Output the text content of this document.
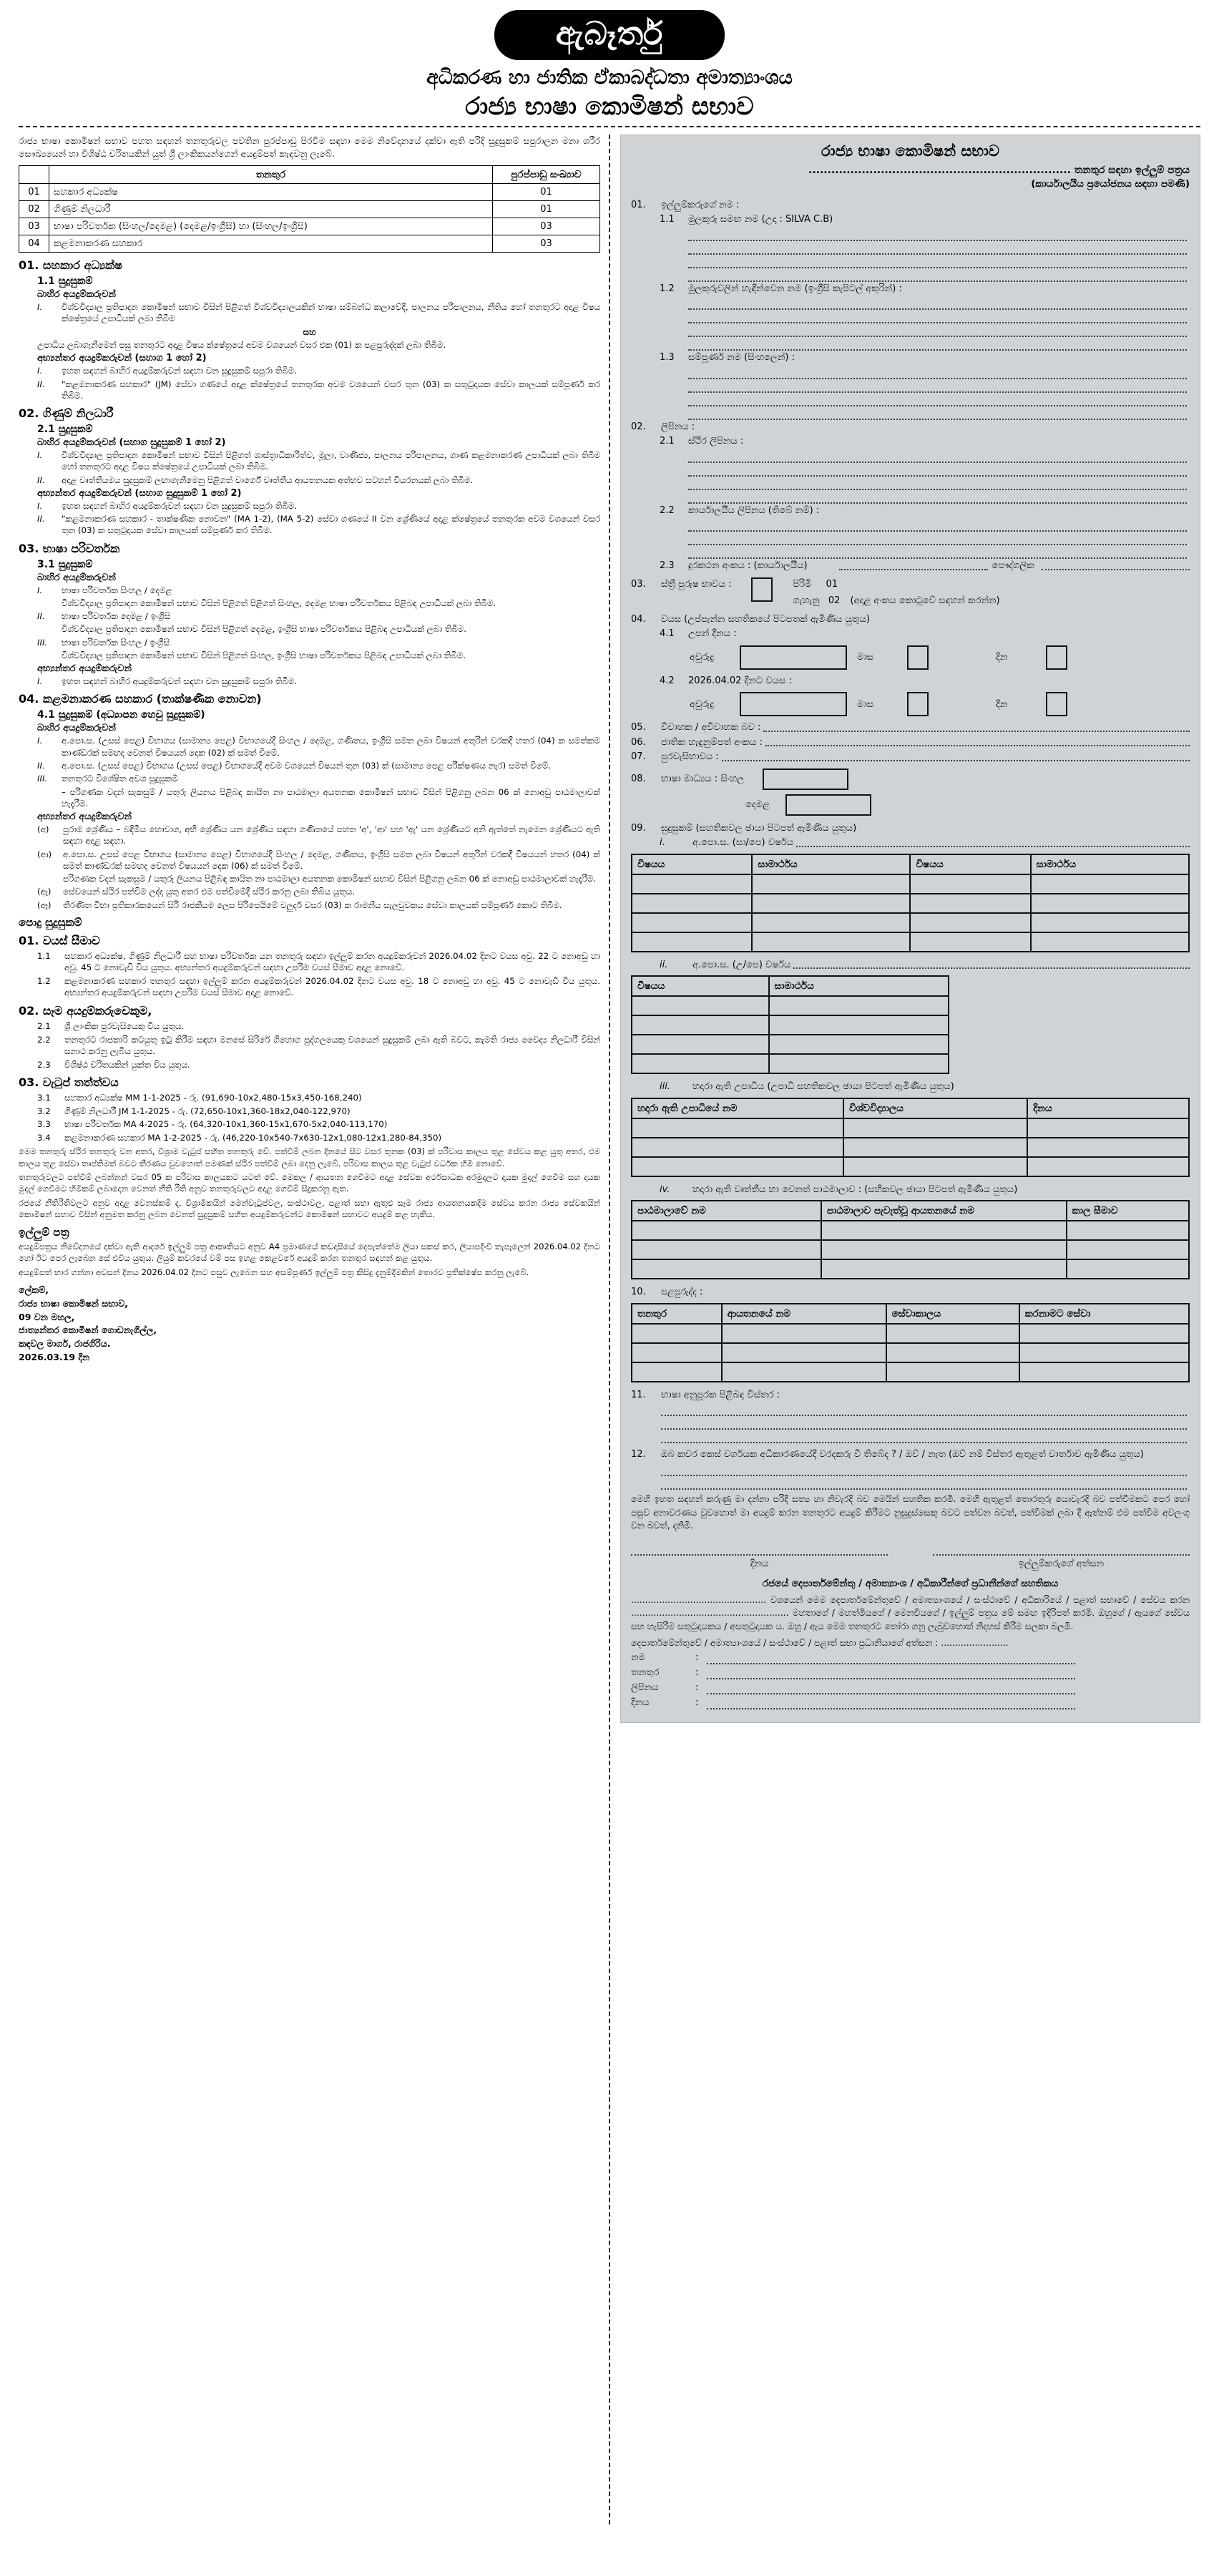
ඇබෑර්තු
අධිකරණ හා ජාතික ඒකාබද්ධතා අමාත්‍යාංශය
රාජ්‍ය භාෂා කොමිෂන් සභාව
රාජ්‍ය භාෂා කොමිෂන් සභාව පහත සඳහන් තනතුරුවල පවතින පුරප්පාඩු පිරවීම සඳහා මෙම නිවේදනයේ දක්වා ඇති පරිදි සුදුසුකම් සපුරාලන මනා ශරීර සෞඛ්‍යයෙන් හා විශිෂ්ඨ චරිතයකින් යුත් ශ්‍රී ලාංකිකයන්ගෙන් අයදුම්පත් කැඳවනු ලැබේ.
	තනතුර	පුරප්පාඩු සංඛ්‍යාව
01	සහකාර අධ්‍යක්ෂ	01
02	ගිණුම් නිලධාරී	01
03	භාෂා පරිවර්තක (සිංහල/දෙමළ) (දෙමළ/ඉංග්‍රීසි) හා (සිංහල/ඉංග්‍රීසි)	03
04	කළමනාකරණ සහකාර	03
01. සහකාර අධ්‍යක්ෂ
1.1 සුදුසුකම්
බාහිර අයදුම්කරුවන්
I.	විශ්වවිද්‍යාල ප්‍රතිපාදන කොමිෂන් සභාව විසින් පිළිගත් විශ්වවිද්‍යාලයකින් භාෂා සම්බන්ධ කලාවේදී, පාලනය පරිපාලනය, නීතිය හෝ තනතුරට අදාළ විෂය ක්ෂේත්‍රයේ උපාධියක් ලබා තිබීම
සහ
උපාධිය ලබාගැනීමෙන් පසු තනතුරට අදාළ විෂය ක්ෂේත්‍රයේ අවම වශයෙන් වසර එක (01) ක පළපුරුද්දක් ලබා තිබීම.
අභ්‍යන්තර අයදුම්කරුවන් (සහාග 1 හෝ 2)
I.	ඉහත සඳහන් බාහිර අයදුම්කරුවන් සඳහා වන සුදුසුකම් සපුරා තිබීම.
II.	"කළමනාකරණ සහකාර" (JM) සේවා ගණයේ අදාළ ක්ෂේත්‍රයේ තනතුරක අවම වශයෙන් වසර තුන (03) ක සතුටුදායක සේවා කාලයක් සම්පූර්ණ කර තිබීම.
02. ගිණුම් නිලධාරී
2.1 සුදුසුකම්
බාහිර අයදුම්කරුවන් (සහාග සුදුසුකම් 1 හෝ 2)
I.	විශ්වවිද්‍යාල ප්‍රතිපාදන කොමිෂන් සභාව විසින් පිළිගත් ශාස්ත්‍රාධිකාරිත්ව, මූලා, වාණිජ්‍ය, පාලනය පරිපාලනය, ගාණ කළමනාකරණ උපාධියක් ලබා තිබීම හෝ තනතුරට අදාළ විෂය ක්ෂේත්‍රයේ උපාධියක් ලබා තිබීම.
II.	අදාළ වෘත්තීයමය සුදුසුකම් ලඟාගැනීමෙනු පිළිගත් වාර්ගේ වෘත්තීය ආයතනයක අත්භව සටහන් වියරනයක් ලබා තිබීම.
අභ්‍යන්තර අයදුම්කරුවන් (සහාග සුදුසුකම් 1 හෝ 2)
I.	ඉහත සඳහන් බාහිර අයදුම්කරුවන් සඳහා වන සුදුසුකම් සපුරා තිබීම.
II.	"කළමනාකරණ සහකාර - තාක්ෂණික නොවන" (MA 1-2), (MA 5-2) සේවා ගණයේ II වන ශ්‍රේණියේ අදාළ ක්ෂේත්‍රයේ තනතුරක අවම වශයෙන් වසර තුන (03) ක සතුටුදායක සේවා කාලයක් සම්පූර්ණ කර තිබීම.
03. භාෂා පරිවර්තක
3.1 සුදුසුකම්
බාහිර අයදුම්කරුවන්
I.	භාෂා පරිවර්තක සිංහල / දෙමළ
විශ්වවිද්‍යාල ප්‍රතිපාදන කොමිෂන් සභාව විසින් පිළිගත් පිළිගත් සිංහල, දෙමළ භාෂා පරිවර්තකය පිළිබඳ උපාධියක් ලබා තිබීම.
II.	භාෂා පරිවර්තක දෙමළ / ඉංග්‍රීසි
විශ්වවිද්‍යාල ප්‍රතිපාදන කොමිෂන් සභාව විසින් පිළිගත් දෙමළ, ඉංග්‍රීසි භාෂා පරිවර්තකය පිළිබඳ උපාධියක් ලබා තිබීම.
III.	භාෂා පරිවර්තක සිංහල / ඉංග්‍රීසි
විශ්වවිද්‍යාල ප්‍රතිපාදන කොමිෂන් සභාව විසින් පිළිගත් සිංහල, ඉංග්‍රීසි භාෂා පරිවර්තකය පිළිබඳ උපාධියක් ලබා තිබීම.
අභ්‍යන්තර අයදුම්කරුවන්
I.	ඉහත සඳහන් බාහිර අයදුම්කරුවන් සඳහා වන සුදුසුකම් සපුරා තිබීම.
04. කළමනාකරණ සහකාර (තාක්ෂණික නොවන)
4.1 සුදුසුකම් (අධ්‍යාපන හෙවු සුදුසුකම්)
බාහිර අයදුම්කරුවන්
I.	අ.පො.ස. (උසස් පෙළ) විභාගය (සාමාන්‍ය පෙළ) විභාගයේදී සිංහල / දෙමළ, ගණිතය, ඉංග්‍රීසි සමත ලබා විෂයන් අතුරින් වරකදී හතර (04) ක සමත්කම කාණ්ඩරක් සමඟද වෙනත් විෂයයන් දෙක (02) ක් සමත් වීමේ.
II.	අ.පො.ස. (උසස් පෙළ) විභාගය (උසස් පෙළ) විභාගයේදී අවම වශයෙන් විෂයන් තුන (03) ක් (සාමාන්‍ය පෙළ පරීක්ෂණය නැර) සමත් වීමේ.
III.	තනතුරට විශේෂිත අවශ සුදුසුකම්
– පරිගණක වදන් සැකසුම් / යතුරු ලියනය පිළිබඳ කායිත නා පාඨමාලා අයතනක කොමිෂන් සභාව විසින් පිළිගනු ලබන 06 ක් නොඅඩු පාඨමාලාවක් හැදෑරීම.
අභ්‍යන්තර අයදුම්කරුවන්
(අ)	පුරාම ශ්‍රේණිය – බඳිමිය හොවාග, අභි ශ්‍රේණිය යන ශ්‍රේණිය සඳහා ගණිතයේ පහත 'අ', 'ආ' සහ 'ඇ' යන ශ්‍රේණියට අනි ඇත්තේ නැමෙන ශ්‍රේණියට ඇති සඳහා අදාළ සඳහා.
(ආ)	අ.පො.ස. උසස් පෙළ විභාගය (සාමාන්‍ය පෙළ) විභාගයේදී සිංහල / දෙමළ, ගණිතය, ඉංග්‍රීසි සමත ලබා විෂයන් අතුරින් වරකදී විෂයයන් හතර (04) ක් සමත් කාණ්ඩරක් සමඟද වෙනත් විෂයයන් දෙක (06) ක් සමත් වීමේ.
පරිගණක වදන් සැකසුම / යතුරු ලියනය පිළිබඳ කායිත නා පාඨමාලා අයතනක කොමිෂන් සභාව විසින් පිළිගනු ලබන 06 ක් නොඅඩු පාඨමාලාවක් හැදෑරීම.
(ඇ)	සේවයෙන් ස්ථිර පත්වීම ලද්දා යුතු අතර එම පත්වීමේදී ස්ථිර කරනු ලබා තිබිය යුතුය.
(ඈ)	තීරණිත විභා ප්‍රතිකාරකයෙන් සිරි රාජකීයම ලෙස පිරිපෙයිමේ වලුර්ද වසර (03) ක රාමනීය සැලවුවකය සේවා කාලයක් සම්පූර්ණ කොට තිබීම.
පොදු සුදුසුකම්
01. වයස් සීමාව
1.1	සහකාර අධ්‍යක්ෂ, ගිණුම් නිලධාරී සහ භාෂා පරිවර්තක යන තනතුරු සඳහා ඉල්ලුම් කරන අයදුම්කරුවන් 2026.04.02 දිනට වයස අවු. 22 ට නොඅඩු හා අවු. 45 ට නොවැඩි විය යුතුය. අභ්‍යන්තර අයදුම්කරුවන් සඳහා උපරිම වයස් සීමාව අදාළ නොවේ.
1.2	කළමනාකරණ සහකාර තනතුර සඳහා ඉල්ලුම් කරන අයදුම්කරුවන් 2026.04.02 දිනට වයස අවු. 18 ට නොඅඩු හා අවු. 45 ට නොවැඩි විය යුතුය. අභ්‍යන්තර අයදුම්කරුවන් සඳහා උපරිම වයස් සීමාව අදාළ නොවේ.
02. සෑම අයදුම්කරුවෙකුම,
2.1	ශ්‍රී ලාංකික පුරවැසියෙකු විය යුතුය.
2.2	තනතුරට රාජකාරි කටයුතු ඉටු කිරීම සඳහා මනසේ සිරිරේ ගිහොග පුද්ගලයෙකු වශයෙන් සුදුසුකම් ලබා ඇති බවට, කැමති රාජ්‍ය වෛද්‍ය නිලධාරී විසින් සනාථ කරනු ලැබිය යුතුය.
2.3	විශිෂ්ඨ චරිතයකින් යුක්ත විය යුතුය.
03. වැටුප් තත්ත්වය
3.1	සහකාර අධ්‍යක්ෂ MM 1-1-2025 - රු. (91,690-10x2,480-15x3,450-168,240)
3.2	ගිණුම් නිලධාරී JM 1-1-2025 - රු. (72,650-10x1,360-18x2,040-122,970)
3.3	භාෂා පරිවර්තක MA 4-2025 - රු. (64,320-10x1,360-15x1,670-5x2,040-113,170)
3.4	කළමනාකරණ සහකාර MA 1-2-2025 - රු. (46,220-10x540-7x630-12x1,080-12x1,280-84,350)
මෙම තනතුරු ස්ථිර තනතුරු වන අතර, විශ්‍රාම වැටුප් සහිත තනතුරු වේ. පත්වීම් ලබන දිනයේ සිට වසර තුනක (03) ක් පරිවාස කාලය තුළ සේවය කළ යුතු අතර, එම කාලය තුළ සේවා තෘප්තිමත් බවට තීරණය වුවහොත් පමණක් ස්ථිර පත්වීම් ලබා දෙනු ලැබේ. පරිවාස කාලය තුළ වැටුප් වර්ධක හිමි නොවේ.
තනතුරුවලට පත්වීම් ලබන්නන් වසර 05 ක පරිවාස කාලයකට යටත් වේ. මෙකල / ආයතන ගෙවීමට අදාළ සේවක අර්ථසාධක අරමුදලට දායක මුදල් ගෙවීම සහ දායක මුදල් ගෙවීමට හිමිකම් ලබාදෙන වෙනත් නීති රීති අනුව තනතුරුවලට අදාළ ගෙවීම් සිදුකරනු ඇත.
රජයේ නීතිරීතිවලට අනුව අදාළ වෙනස්කම් ද, විශ්‍රාමිකයින් මෙන්වැටුප්වල, සංස්ථාවල, පළාත් සභා ඇතුළු සෑම රාජ්‍ය ආයතනයකදීම සේවය කරන රාජ්‍ය සේවකයින් කොමිෂන් සභාව විසින් අනුමත කරනු ලබන වෙනත් සුදුසුකම් සහිත අයදුම්කරුවන්ට කොමිෂන් සභාවට අයදුම් කළ හැකිය.
ඉල්ලුම් පත්‍ර
අයදුම්පත්‍රය නිවේදනයේ දක්වා ඇති ආදර්ශ ඉල්ලුම් පත්‍ර ආකෘතියට අනුව A4 ප්‍රමාණයේ කඩදාසියේ දෙපැත්තේම ලියා සකස් කර, ලියාපදිංචි තැපෑලෙන් 2026.04.02 දිනට හෝ ඊට පෙර ලැබෙන සේ එවිය යුතුය. ලියුම් කවරයේ වම් පස ඉහළ කෙළවරේ අයදුම් කරන තනතුර සඳහන් කළ යුතුය.
අයදුම්පත් භාර ගන්නා අවසන් දිනය 2026.04.02 දිනට පසුව ලැබෙන සහ අසම්පූර්ණ ඉල්ලුම් පත්‍ර කිසිදු දැනුම්දීමකින් තොරව ප්‍රතික්ෂේප කරනු ලැබේ.
ලේකම්,
රාජ්‍ය භාෂා කොමිෂන් සභාව,
09 වන මහල,
ජාත්‍යන්තර කොමිෂන් ගොඩනැගිල්ල,
කඳවල මාර්ග, රාජගිරිය.
2026.03.19 දින
රාජ්‍ය භාෂා කොමිෂන් සභාව
..................................................................... තනතුර සඳහා ඉල්ලුම් පත්‍රය
(කාර්යාලයීය ප්‍රයෝජනය සඳහා පමණි)
01.	ඉල්ලුම්කරුගේ නම :
1.1	මුලකුරු සමඟ නම (උදා : SILVA C.B)
1.2	මුලකුරුවලින් හැඳින්වෙන නම (ඉංග්‍රීසි කැපිටල් අකුරින්) :
1.3	සම්පූර්ණ නම (සිංහලෙන්) :
02.	ලිපිනය :
2.1	ස්ථිර ලිපිනය :
2.2	කාර්යාලයීය ලිපිනය (තිබේ නම්) :
2.3	දුරකථන අංකය : (කාර්යාලයීය)	පෞද්ගලික
03.	ස්ත්‍රී පුරුෂ භාවය :	පිරිමි 01
ගැහැනු 02 (අදාළ අංකය කොටුවේ සඳහන් කරන්න)
04.	වයස (උප්පැන්න සහතිකයේ පිටපතක් ඇමිණිය යුතුය)
4.1	උපන් දිනය :
අවුරුදු	මාස	දින
4.2	2026.04.02 දිනට වයස :
අවුරුදු	මාස	දින
05.	විවාහක / අවිවාහක බව :
06.	ජාතික හැඳුනුම්පත් අංකය :
07.	පුරවැසිභාවය :
08.	භාෂා මාධ්‍යය : සිංහල
දෙමළ
09.	සුදුසුකම් (සහතිකවල ඡායා පිටපත් ඇමිණිය යුතුය)
i.	අ.පො.ස. (සා/පෙ) වර්ෂය
විෂයය	සාමාර්ථය	විෂයය	සාමාර්ථය

ii.	අ.පො.ස. (උ/පෙ) වර්ෂය
විෂයය	සාමාර්ථය

iii.	හදාරා ඇති උපාධිය (උපාධි සහතිකවල ඡායා පිටපත් ඇමිණිය යුතුය)
හදාරා ඇති උපාධියේ නම	විශ්වවිද්‍යාලය	දිනය

iv.	හදාරා ඇති වෘත්තීය හා වෙනත් පාඨමාලාව : (සහිකවල ඡායා පිටපත් ඇමිණිය යුතුය)
පාඨමාලාවේ නම	පාඨමාලාව පැවැත්වූ ආයතනයේ නම	කාල සීමාව

10.	පළපුරුද්ද :
තනතුර	ආයතනයේ නම	සේවාකාලය	කරනාමට සේවා

11.	භාෂා අනුපූරක පිළිබඳ විස්තර :
12.	ඔබ කවර කෙස් වර්ගයක අධිකාරණයේදී වරදකරු වී තිබේද ? / ඔව් / නැත (ඔව් නම් විස්තර ඇතුළත් වාර්තාව ඇමිණිය යුතුය)
මෙහි ඉහත සඳහන් කරුණු මා දන්නා පරිදි සත්‍ය හා නිවැරදි බව මෙයින් සහතික කරමි. මෙහි ඇතුළත් තොරතුරු යොවැරදි බව පත්වීමකට පෙර හෝ පසුව අනාවරණය වුවහොත් මා අයදුම් කරන තනතුරට අයදුම් කිරීමට නුසුදුස්සෙකු බවට පත්වන බවත්, පත්වීමක් ලබා දී ඇත්නම් එම පත්වීම අවලංගු වන බවත්, දනිමි.
දිනය	ඉල්ලුම්කරුගේ අත්සන
රජයේ දෙපාර්තමේන්තු / අමාත්‍යාංශ / අධිකාරීන්ගේ ප්‍රධානීන්ගේ සහතිකය
................................................ වශයෙන් මෙම දෙපාර්තමේන්තුවේ / අමාත්‍යාංශයේ / සංස්ථාවේ / අධිකාරියේ / පළාත් සභාවේ / සේවය කරන ........................................................ මහතාගේ / මහත්මියගේ / මෙනවියගේ / ඉල්ලුම් පත්‍රය මේ සමඟ ඉදිරිපත් කරමි. ඔහුගේ / ඇයගේ සේවය සහ හැසිරීම සතුටුදායකය / අසතුටුදායක ය. ඔහු / ඇය මෙම තනතුරට තෝරා ගනු ලැබුවහොත් නිදහස් කිරීම සලකා බලමි.
දෙපාර්තමේන්තුවේ / අමාත්‍යාංශයේ / සංස්ථාවේ / පළාත් සභා ප්‍රධානියාගේ අත්සන : ........................
නම	:
තනතුර	:
ලිපිනය	:
දිනය	:
